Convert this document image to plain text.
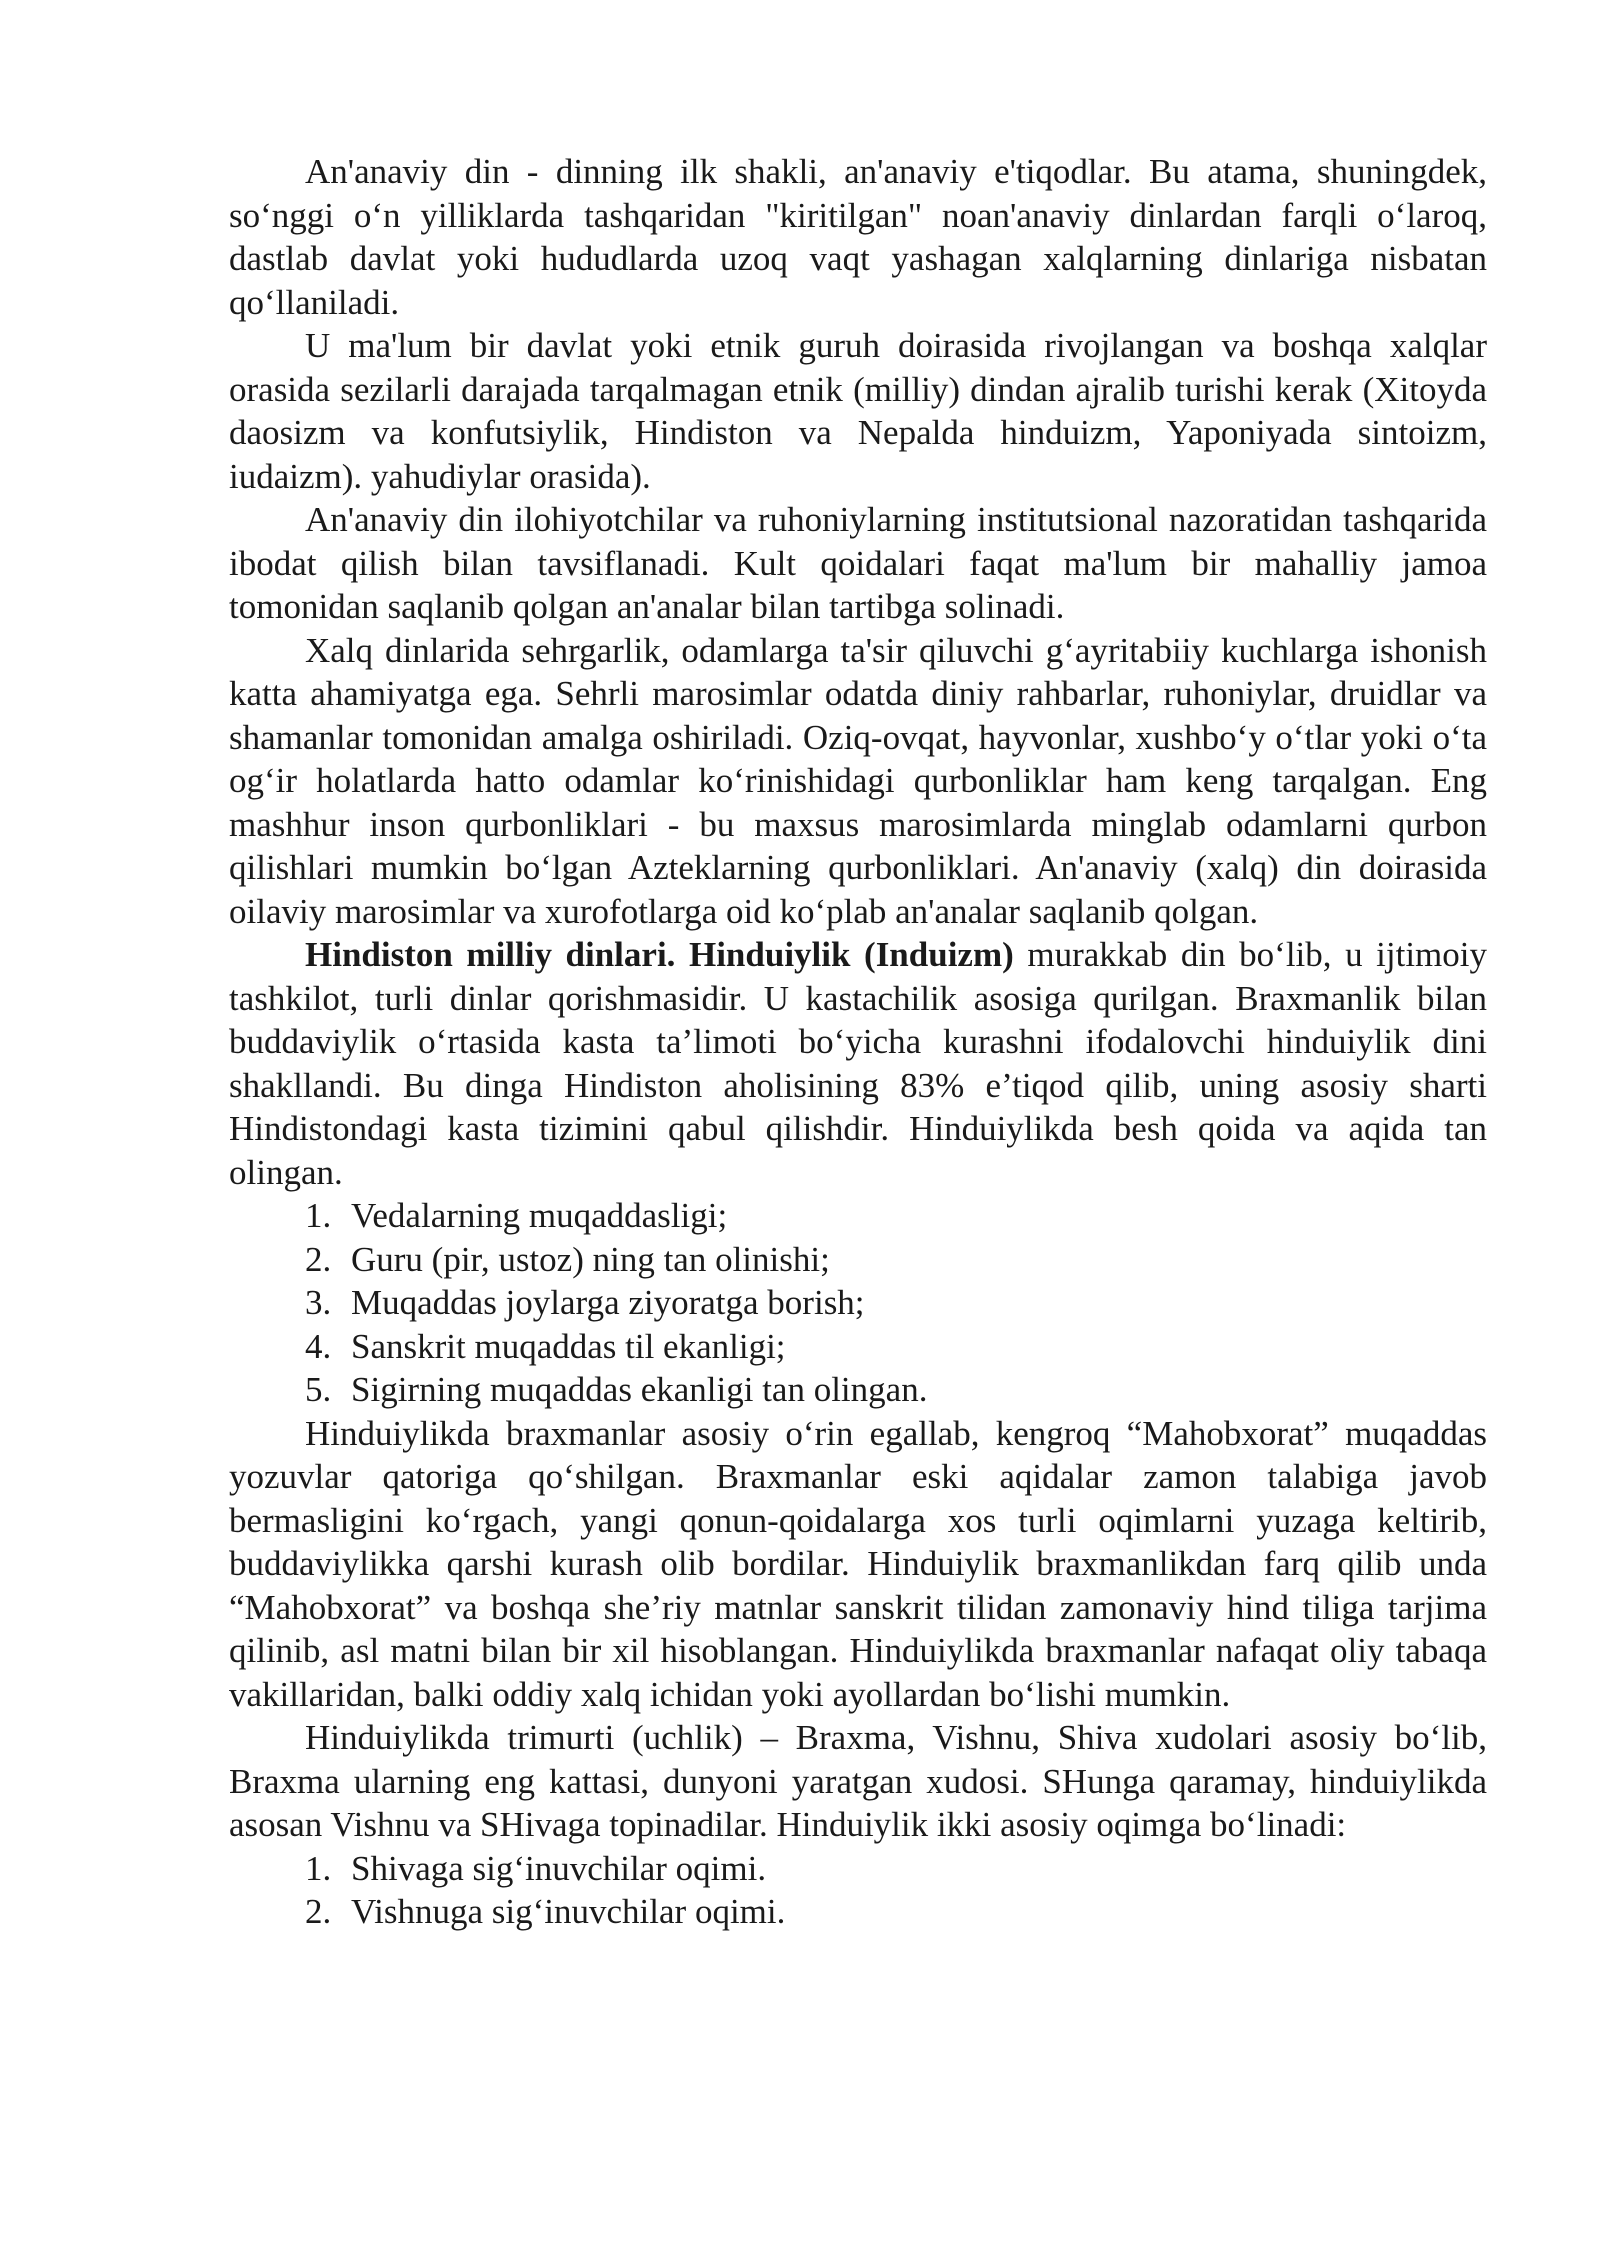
An'anaviy din - dinning ilk shakli, an'anaviy e'tiqodlar. Bu atama, shuningdek, so‘nggi o‘n yilliklarda tashqaridan "kiritilgan" noan'anaviy dinlardan farqli o‘laroq, dastlab davlat yoki hududlarda uzoq vaqt yashagan xalqlarning dinlariga nisbatan qo‘llaniladi.

U ma'lum bir davlat yoki etnik guruh doirasida rivojlangan va boshqa xalqlar orasida sezilarli darajada tarqalmagan etnik (milliy) dindan ajralib turishi kerak (Xitoyda daosizm va konfutsiylik, Hindiston va Nepalda hinduizm, Yaponiyada sintoizm, iudaizm). yahudiylar orasida).

An'anaviy din ilohiyotchilar va ruhoniylarning institutsional nazoratidan tashqarida ibodat qilish bilan tavsiflanadi. Kult qoidalari faqat ma'lum bir mahalliy jamoa tomonidan saqlanib qolgan an'analar bilan tartibga solinadi.

Xalq dinlarida sehrgarlik, odamlarga ta'sir qiluvchi g‘ayritabiiy kuchlarga ishonish katta ahamiyatga ega. Sehrli marosimlar odatda diniy rahbarlar, ruhoniylar, druidlar va shamanlar tomonidan amalga oshiriladi. Oziq-ovqat, hayvonlar, xushbo‘y o‘tlar yoki o‘ta og‘ir holatlarda hatto odamlar ko‘rinishidagi qurbonliklar ham keng tarqalgan. Eng mashhur inson qurbonliklari - bu maxsus marosimlarda minglab odamlarni qurbon qilishlari mumkin bo‘lgan Azteklarning qurbonliklari. An'anaviy (xalq) din doirasida oilaviy marosimlar va xurofotlarga oid ko‘plab an'analar saqlanib qolgan.

Hindiston milliy dinlari. Hinduiylik (Induizm) murakkab din bo‘lib, u ijtimoiy tashkilot, turli dinlar qorishmasidir. U kastachilik asosiga qurilgan. Braxmanlik bilan buddaviylik o‘rtasida kasta ta’limoti bo‘yicha kurashni ifodalovchi hinduiylik dini shakllandi. Bu dinga Hindiston aholisining 83% e’tiqod qilib, uning asosiy sharti Hindistondagi kasta tizimini qabul qilishdir. Hinduiylikda besh qoida va aqida tan olingan.

1. Vedalarning muqaddasligi;
2. Guru (pir, ustoz) ning tan olinishi;
3. Muqaddas joylarga ziyoratga borish;
4. Sanskrit muqaddas til ekanligi;
5. Sigirning muqaddas ekanligi tan olingan.

Hinduiylikda braxmanlar asosiy o‘rin egallab, kengroq “Mahobxorat” muqaddas yozuvlar qatoriga qo‘shilgan. Braxmanlar eski aqidalar zamon talabiga javob bermasligini ko‘rgach, yangi qonun-qoidalarga xos turli oqimlarni yuzaga keltirib, buddaviylikka qarshi kurash olib bordilar. Hinduiylik braxmanlikdan farq qilib unda “Mahobxorat” va boshqa she’riy matnlar sanskrit tilidan zamonaviy hind tiliga tarjima qilinib, asl matni bilan bir xil hisoblangan. Hinduiylikda braxmanlar nafaqat oliy tabaqa vakillaridan, balki oddiy xalq ichidan yoki ayollardan bo‘lishi mumkin.

Hinduiylikda trimurti (uchlik) – Braxma, Vishnu, Shiva xudolari asosiy bo‘lib, Braxma ularning eng kattasi, dunyoni yaratgan xudosi. SHunga qaramay, hinduiylikda asosan Vishnu va SHivaga topinadilar. Hinduiylik ikki asosiy oqimga bo‘linadi:

1. Shivaga sig‘inuvchilar oqimi.
2. Vishnuga sig‘inuvchilar oqimi.
